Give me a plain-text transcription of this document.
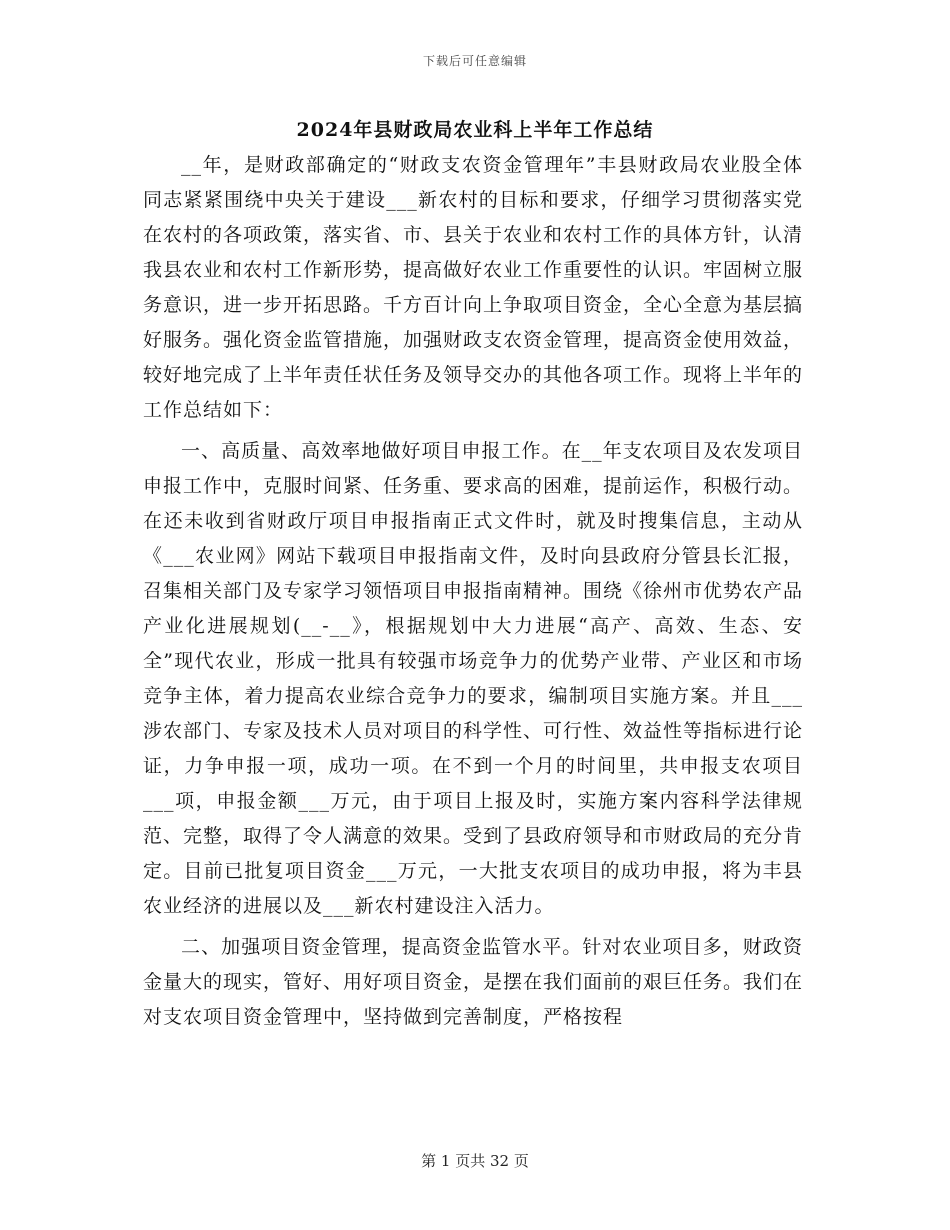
下载后可任意编辑
2024年县财政局农业科上半年工作总结

__年，是财政部确定的“财政支农资金管理年”丰县财政局农业股全体同志紧紧围绕中央关于建设___新农村的目标和要求，仔细学习贯彻落实党在农村的各项政策，落实省、市、县关于农业和农村工作的具体方针，认清我县农业和农村工作新形势，提高做好农业工作重要性的认识。牢固树立服务意识，进一步开拓思路。千方百计向上争取项目资金，全心全意为基层搞好服务。强化资金监管措施，加强财政支农资金管理，提高资金使用效益，较好地完成了上半年责任状任务及领导交办的其他各项工作。现将上半年的工作总结如下：

一、高质量、高效率地做好项目申报工作。在__年支农项目及农发项目申报工作中，克服时间紧、任务重、要求高的困难，提前运作，积极行动。在还未收到省财政厅项目申报指南正式文件时，就及时搜集信息，主动从《___农业网》网站下载项目申报指南文件，及时向县政府分管县长汇报，召集相关部门及专家学习领悟项目申报指南精神。围绕《徐州市优势农产品产业化进展规划(__-__》，根据规划中大力进展“高产、高效、生态、安全”现代农业，形成一批具有较强市场竞争力的优势产业带、产业区和市场竞争主体，着力提高农业综合竞争力的要求，编制项目实施方案。并且___涉农部门、专家及技术人员对项目的科学性、可行性、效益性等指标进行论证，力争申报一项，成功一项。在不到一个月的时间里，共申报支农项目___项，申报金额___万元，由于项目上报及时，实施方案内容科学法律规范、完整，取得了令人满意的效果。受到了县政府领导和市财政局的充分肯定。目前已批复项目资金___万元，一大批支农项目的成功申报，将为丰县农业经济的进展以及___新农村建设注入活力。

二、加强项目资金管理，提高资金监管水平。针对农业项目多，财政资金量大的现实，管好、用好项目资金，是摆在我们面前的艰巨任务。我们在对支农项目资金管理中，坚持做到完善制度，严格按程

第 1 页共 32 页
